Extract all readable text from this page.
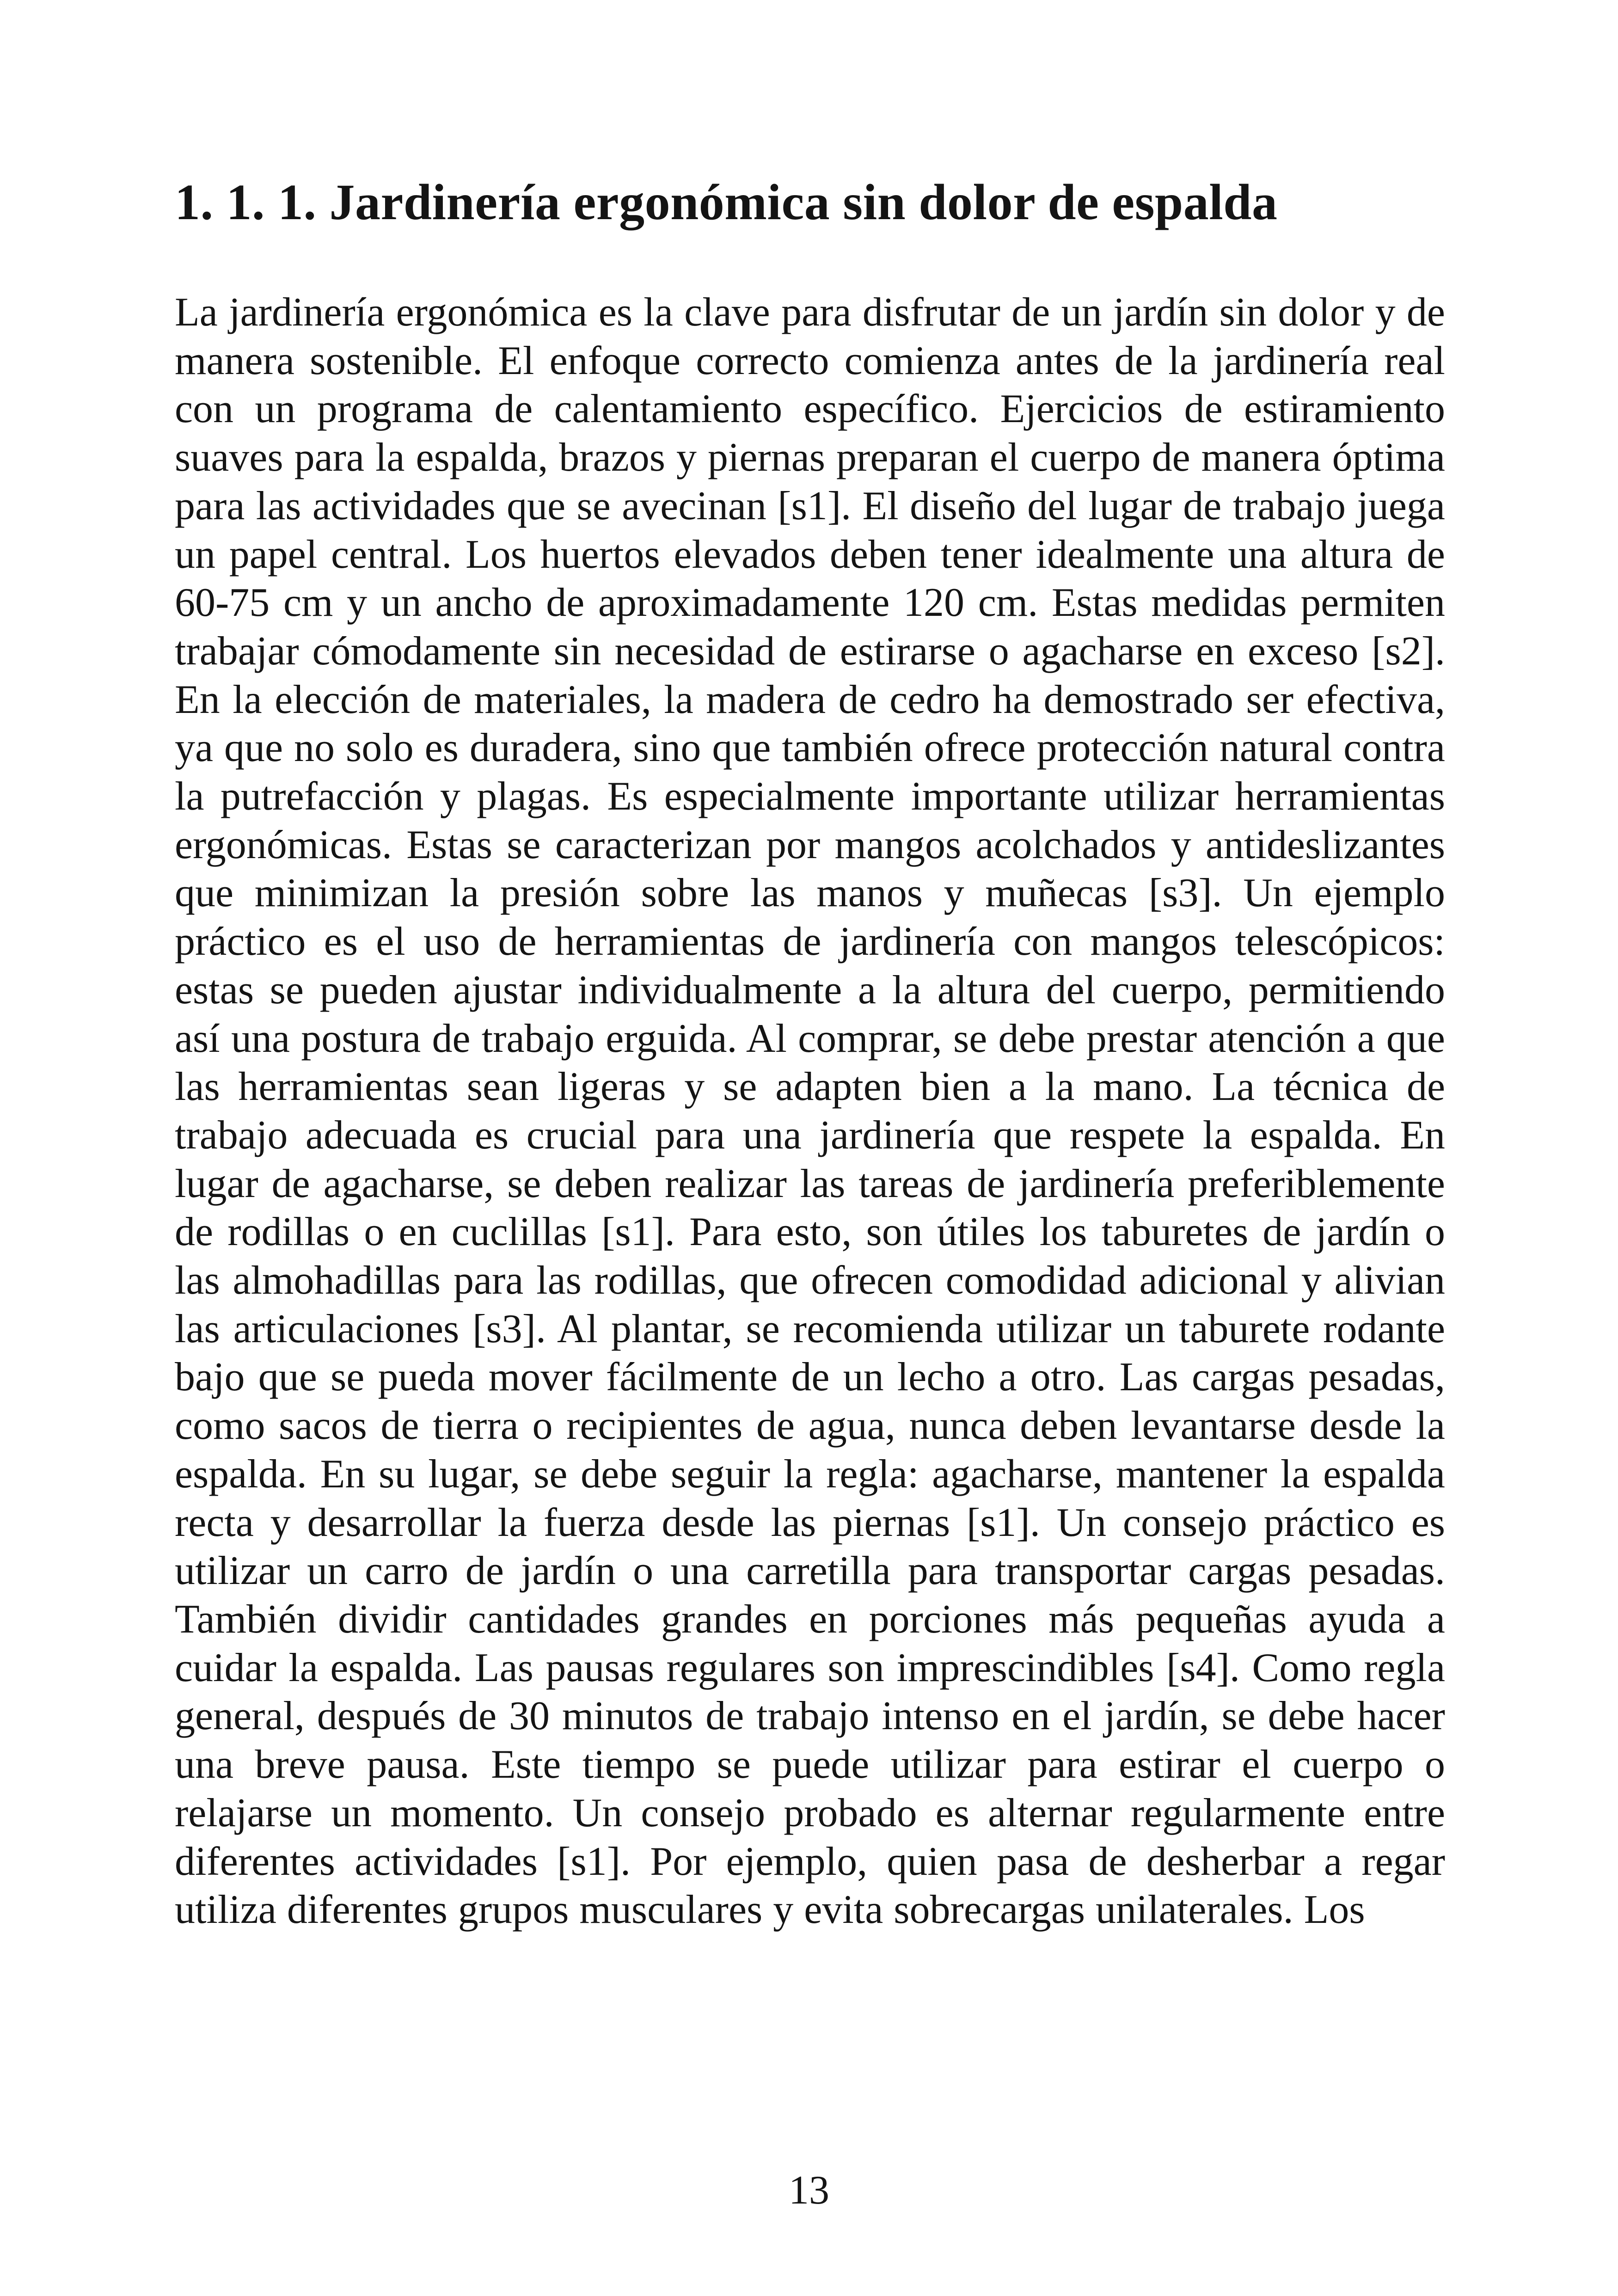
1. 1. 1. Jardinería ergonómica sin dolor de espalda

La jardinería ergonómica es la clave para disfrutar de un jardín sin dolor y de manera sostenible. El enfoque correcto comienza antes de la jardinería real con un programa de calentamiento específico. Ejercicios de estiramiento suaves para la espalda, brazos y piernas preparan el cuerpo de manera óptima para las actividades que se avecinan [s1]. El diseño del lugar de trabajo juega un papel central. Los huertos elevados deben tener idealmente una altura de 60-75 cm y un ancho de aproximadamente 120 cm. Estas medidas permiten trabajar cómodamente sin necesidad de estirarse o agacharse en exceso [s2]. En la elección de materiales, la madera de cedro ha demostrado ser efectiva, ya que no solo es duradera, sino que también ofrece protección natural contra la putrefacción y plagas. Es especialmente importante utilizar herramientas ergonómicas. Estas se caracterizan por mangos acolchados y antideslizantes que minimizan la presión sobre las manos y muñecas [s3]. Un ejemplo práctico es el uso de herramientas de jardinería con mangos telescópicos: estas se pueden ajustar individualmente a la altura del cuerpo, permitiendo así una postura de trabajo erguida. Al comprar, se debe prestar atención a que las herramientas sean ligeras y se adapten bien a la mano. La técnica de trabajo adecuada es crucial para una jardinería que respete la espalda. En lugar de agacharse, se deben realizar las tareas de jardinería preferiblemente de rodillas o en cuclillas [s1]. Para esto, son útiles los taburetes de jardín o las almohadillas para las rodillas, que ofrecen comodidad adicional y alivian las articulaciones [s3]. Al plantar, se recomienda utilizar un taburete rodante bajo que se pueda mover fácilmente de un lecho a otro. Las cargas pesadas, como sacos de tierra o recipientes de agua, nunca deben levantarse desde la espalda. En su lugar, se debe seguir la regla: agacharse, mantener la espalda recta y desarrollar la fuerza desde las piernas [s1]. Un consejo práctico es utilizar un carro de jardín o una carretilla para transportar cargas pesadas. También dividir cantidades grandes en porciones más pequeñas ayuda a cuidar la espalda. Las pausas regulares son imprescindibles [s4]. Como regla general, después de 30 minutos de trabajo intenso en el jardín, se debe hacer una breve pausa. Este tiempo se puede utilizar para estirar el cuerpo o relajarse un momento. Un consejo probado es alternar regularmente entre diferentes actividades [s1]. Por ejemplo, quien pasa de desherbar a regar utiliza diferentes grupos musculares y evita sobrecargas unilaterales. Los

13
